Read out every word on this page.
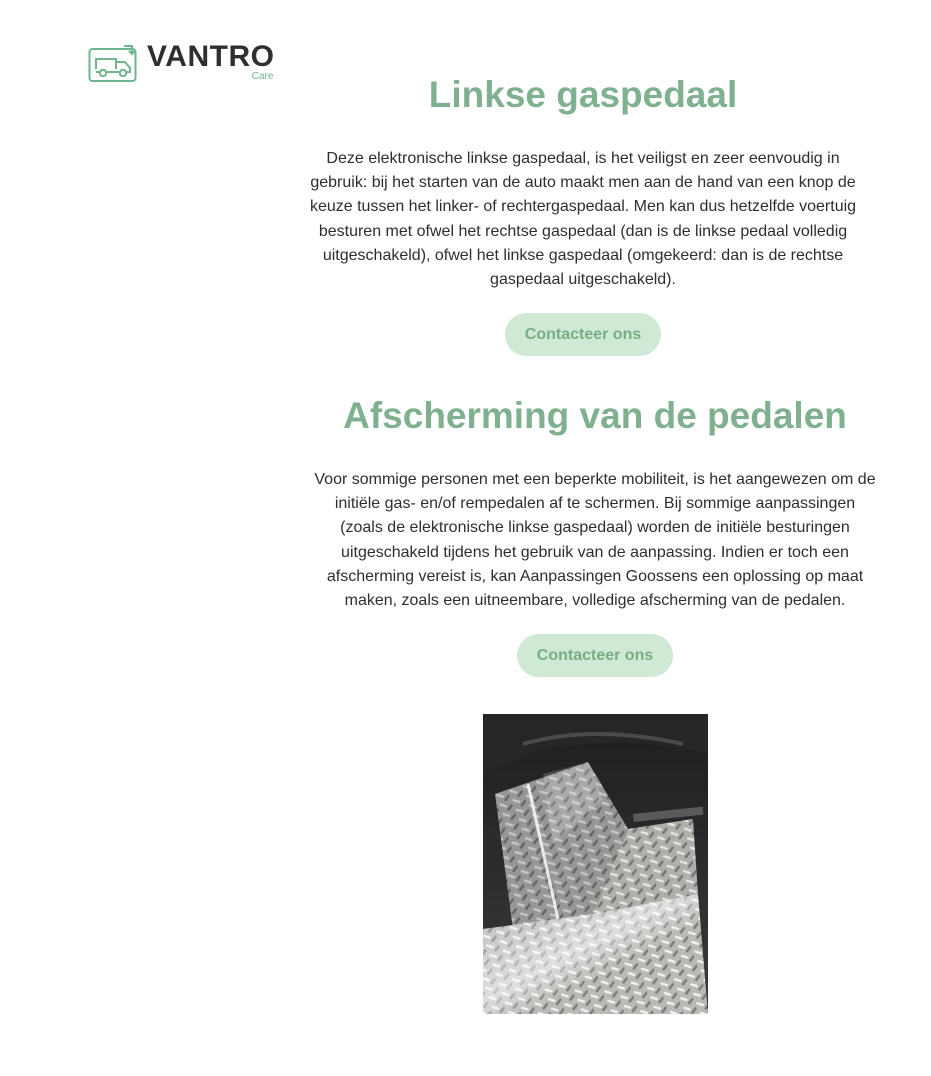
VANTRO
Care	Linkse gaspedaal

Deze elektronische linkse gaspedaal, is het veiligst en zeer eenvoudig in
gebruik: bij het starten van de auto maakt men aan de hand van een knop de
keuze tussen het linker- of rechtergaspedaal. Men kan dus hetzelfde voertuig
besturen met ofwel het rechtse gaspedaal (dan is de linkse pedaal volledig
uitgeschakeld), ofwel het linkse gaspedaal (omgekeerd: dan is de rechtse
gaspedaal uitgeschakeld).

Contacteer ons
Afscherming van de pedalen

Voor sommige personen met een beperkte mobiliteit, is het aangewezen om de
initiële gas- en/of rempedalen af te schermen. Bij sommige aanpassingen
(zoals de elektronische linkse gaspedaal) worden de initiële besturingen
uitgeschakeld tijdens het gebruik van de aanpassing. Indien er toch een
afscherming vereist is, kan Aanpassingen Goossens een oplossing op maat
maken, zoals een uitneembare, volledige afscherming van de pedalen.

Contacteer ons
